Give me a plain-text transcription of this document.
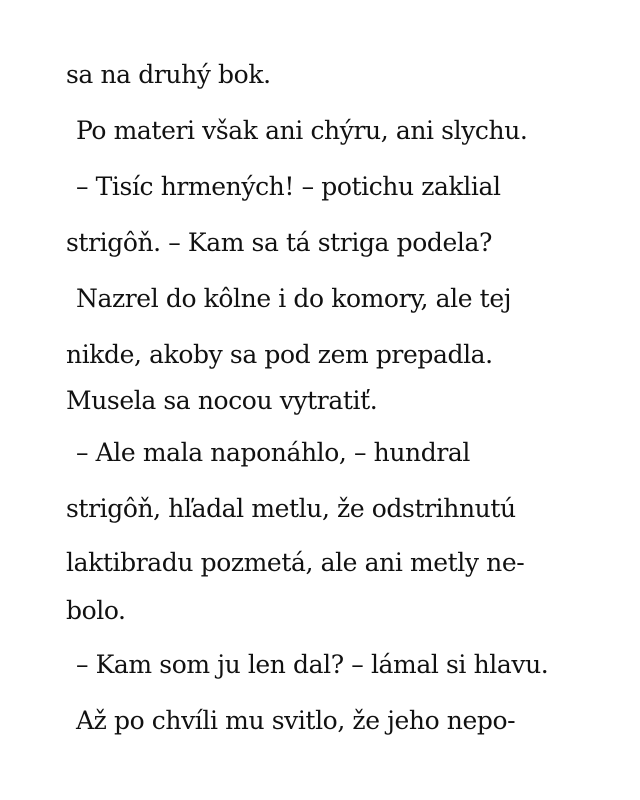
sa na druhý bok.
Po materi však ani chýru, ani slychu.
– Tisíc hrmených! – potichu zaklial
strigôň. – Kam sa tá striga podela?
Nazrel do kôlne i do komory, ale tej
nikde, akoby sa pod zem prepadla.
Musela sa nocou vytratiť.
– Ale mala naponáhlo, – hundral
strigôň, hľadal metlu, že odstrihnutú
laktibradu pozmetá, ale ani metly ne-
bolo.
– Kam som ju len dal? – lámal si hlavu.
Až po chvíli mu svitlo, že jeho nepo-
